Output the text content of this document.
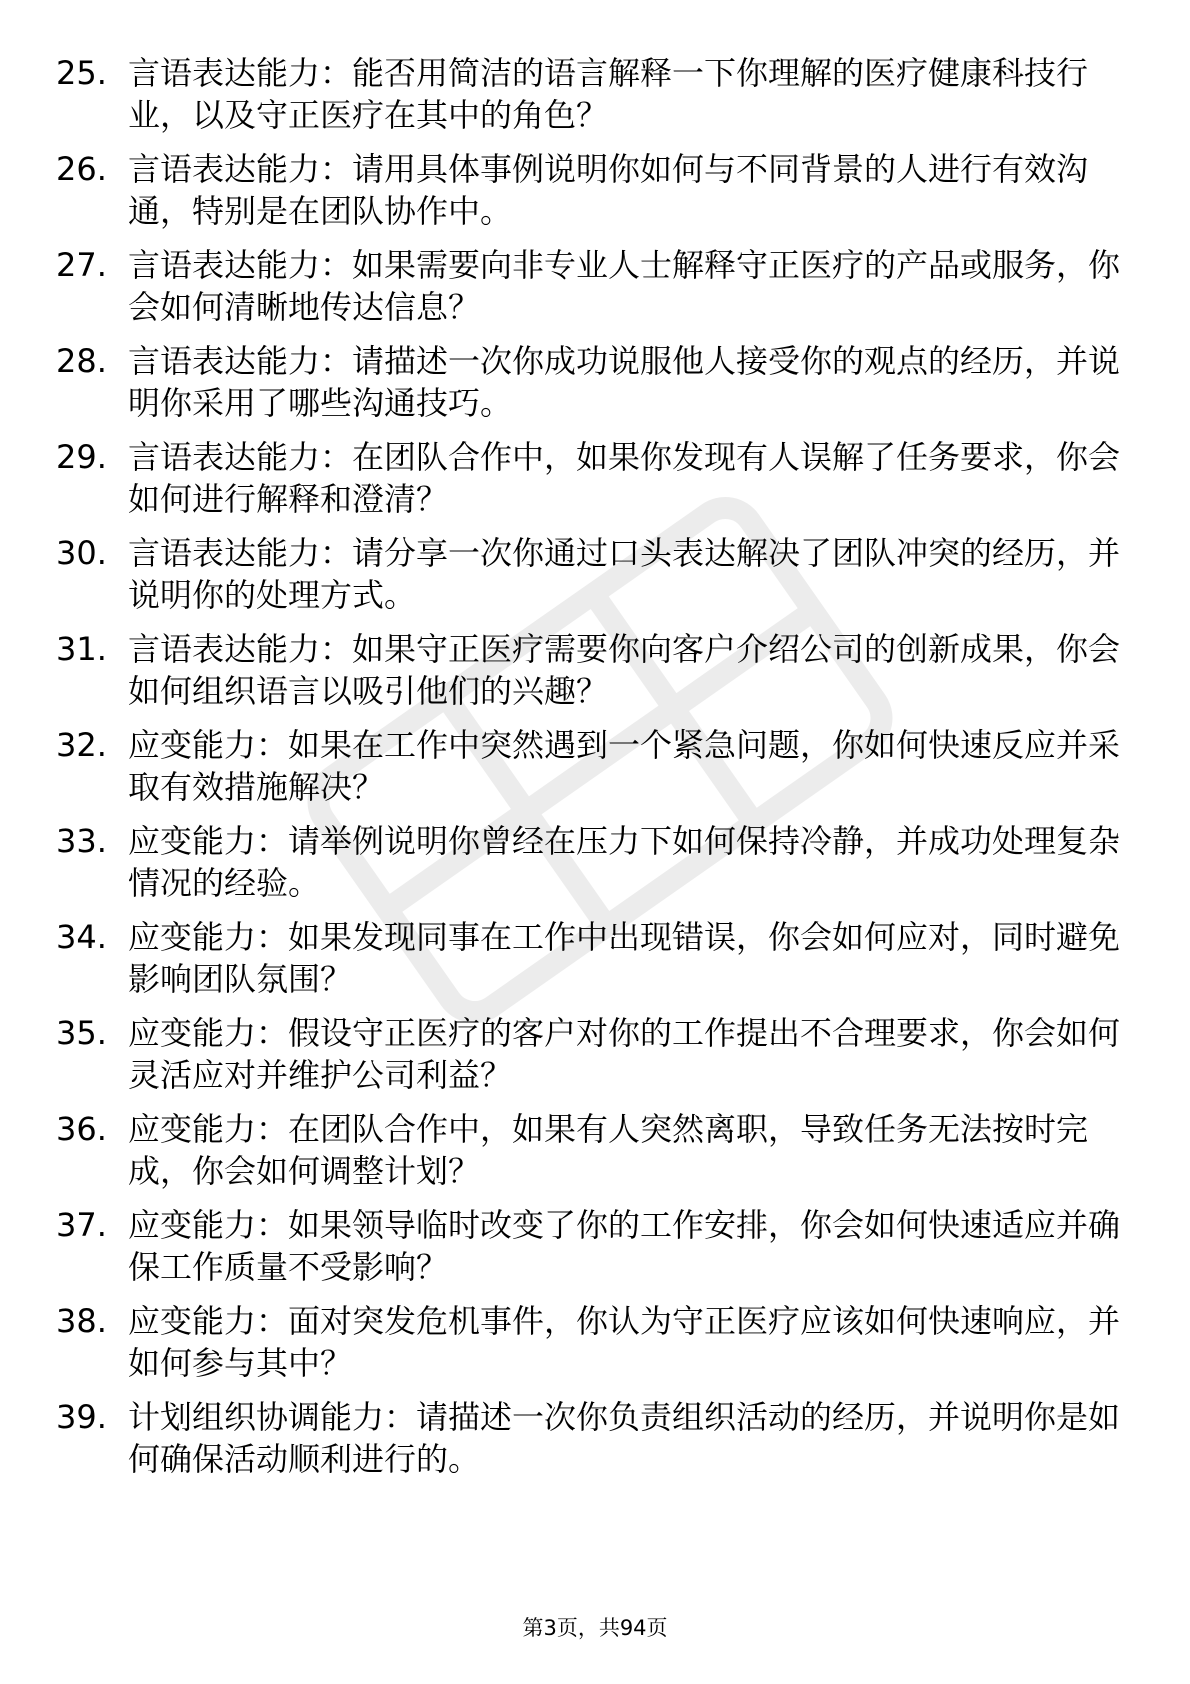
25. 言语表达能力：能否用简洁的语言解释一下你理解的医疗健康科技行业，以及守正医疗在其中的角色？
26. 言语表达能力：请用具体事例说明你如何与不同背景的人进行有效沟通，特别是在团队协作中。
27. 言语表达能力：如果需要向非专业人士解释守正医疗的产品或服务，你会如何清晰地传达信息？
28. 言语表达能力：请描述一次你成功说服他人接受你的观点的经历，并说明你采用了哪些沟通技巧。
29. 言语表达能力：在团队合作中，如果你发现有人误解了任务要求，你会如何进行解释和澄清？
30. 言语表达能力：请分享一次你通过口头表达解决了团队冲突的经历，并说明你的处理方式。
31. 言语表达能力：如果守正医疗需要你向客户介绍公司的创新成果，你会如何组织语言以吸引他们的兴趣？
32. 应变能力：如果在工作中突然遇到一个紧急问题，你如何快速反应并采取有效措施解决？
33. 应变能力：请举例说明你曾经在压力下如何保持冷静，并成功处理复杂情况的经验。
34. 应变能力：如果发现同事在工作中出现错误，你会如何应对，同时避免影响团队氛围？
35. 应变能力：假设守正医疗的客户对你的工作提出不合理要求，你会如何灵活应对并维护公司利益？
36. 应变能力：在团队合作中，如果有人突然离职，导致任务无法按时完成，你会如何调整计划？
37. 应变能力：如果领导临时改变了你的工作安排，你会如何快速适应并确保工作质量不受影响？
38. 应变能力：面对突发危机事件，你认为守正医疗应该如何快速响应，并如何参与其中？
39. 计划组织协调能力：请描述一次你负责组织活动的经历，并说明你是如何确保活动顺利进行的。
第3页，共94页
